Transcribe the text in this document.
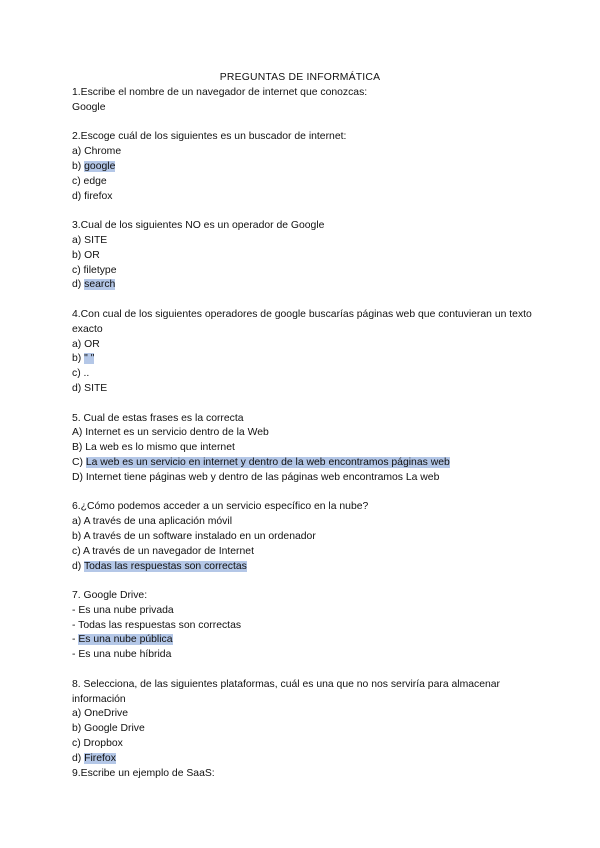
PREGUNTAS DE INFORMÁTICA
1.Escribe el nombre de un navegador de internet que conozcas:
Google
2.Escoge cuál de los siguientes es un buscador de internet:
a) Chrome
b) google
c) edge
d) firefox
3.Cual de los siguientes NO es un operador de Google
a) SITE
b) OR
c) filetype
d) search
4.Con cual de los siguientes operadores de google buscarías páginas web que contuvieran un texto exacto
a) OR
b) " "
c) ..
d) SITE
5. Cual de estas frases es la correcta
A) Internet es un servicio dentro de la Web
B) La web es lo mismo que internet
C) La web es un servicio en internet y dentro de la web encontramos páginas web
D) Internet tiene páginas web y dentro de las páginas web encontramos La web
6.¿Cómo podemos acceder a un servicio específico en la nube?
a) A través de una aplicación móvil
b) A través de un software instalado en un ordenador
c) A través de un navegador de Internet
d) Todas las respuestas son correctas
7. Google Drive:
- Es una nube privada
- Todas las respuestas son correctas
- Es una nube pública
- Es una nube híbrida
8. Selecciona, de las siguientes plataformas, cuál es una que no nos serviría para almacenar información
a) OneDrive
b) Google Drive
c) Dropbox
d) Firefox
9.Escribe un ejemplo de SaaS:
